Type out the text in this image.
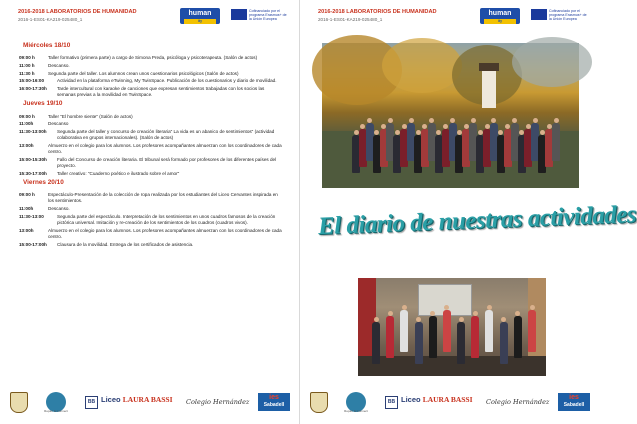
2016-2018 LABORATORIOS DE HUMANIDAD
2016-1-ES01-KA219-025480_1
human
ity
Cofinanciado por el programa Erasmus+ de la Unión Europea
Miércoles 18/10
09:00 h	Taller formativo (primera parte) a cargo de Simona Preda, psicóloga y psicoterapeuta. (Salón de actos)
11:00 h	Descanso.
11:30 h	Segunda parte del taller. Los alumnos crean unos cuestionarios psicológicos (Salón de actos)
15:00-16:00	Actividad en la plataforma eTwinning, My TwinSpace. Publicación de los cuestionarios y diario de movilidad.
16:00-17:30h	Tarde intercultural con karaoke de canciones que expresan sentimientos trabajadas con los socios las semanas previas a la movilidad en TwinSpace.
Jueves 19/10
09:00 h	Taller "El hombre siente" (Salón de actos)
11:00h	Descanso
11:30-13:00h	Segunda parte del taller y concurso de creación literaria" La vida es un abanico de sentimientos" (actividad colaborativa en grupos internacionales). (Salón de actos)
13:00h	Almuerzo en el colegio para los alumnos. Los profesores acompañantes almuerzan con los coordinadores de cada centro.
15:00-15:30h	Fallo del Concurso de creación literaria. El tribunal será formado por profesores de los diferentes países del proyecto.
15:30-17:00h	Taller creativo: "Cuaderno poético e ilustrado sobre el amor"
Viernes 20/10
09:00 h	Espectáculo-Presentación de la colección de ropa realizada por los estudiantes del Liceo Cervantes inspirada en los sentimientos.
11:00h	Descanso.
11:30-13:00	Segunda parte del espectáculo. Interpretación de los sentimientos en unos cuadros famosos de la creación pictórica universal. Imitación y re-creación de los sentimientos de los cuadros (cuadros vivos).
13:00h	Almuerzo en el colegio para los alumnos. Los profesores acompañantes almuerzan con los coordinadores de cada centro.
15:00-17:00h	Clausura de la movilidad. Entrega de los certificados de asistencia.
Repair & Connect
BB Liceo LAURA BASSI Colegio Hernández
ies
Sabadell
2016-2018 LABORATORIOS DE HUMANIDAD
2016-1-ES01-KA219-025480_1
human
ity
Cofinanciado por el programa Erasmus+ de la Unión Europea
Repair & Connect
BB Liceo LAURA BASSI Colegio Hernández
ies
Sabadell
El diario de nuestras actividades
